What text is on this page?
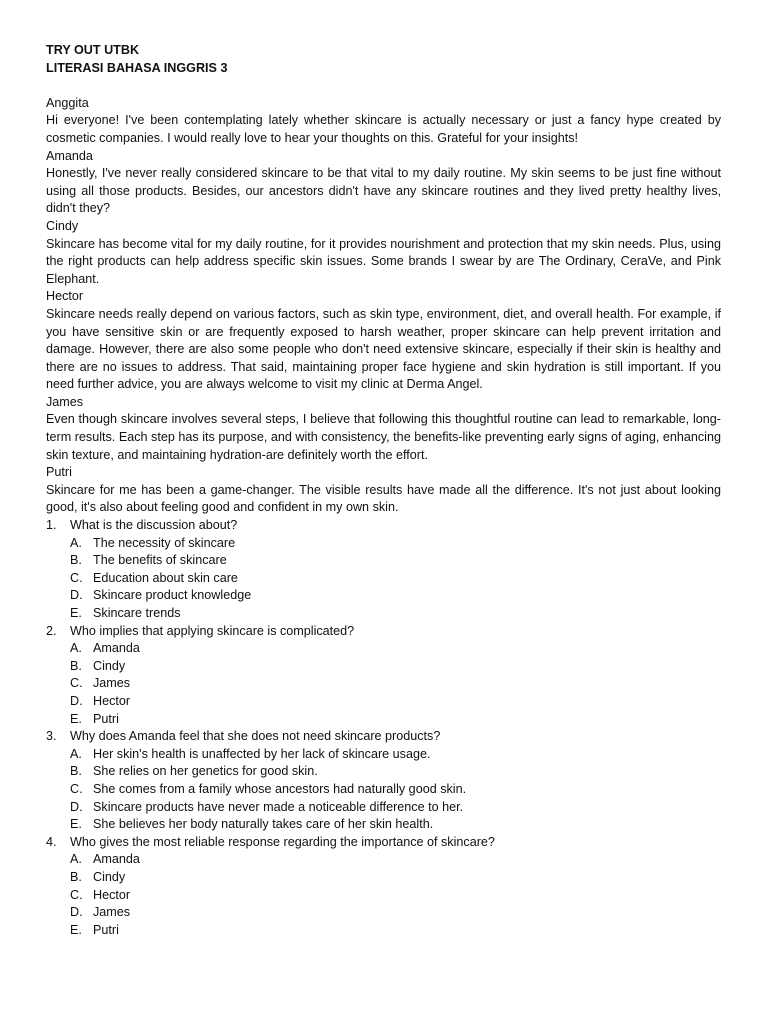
TRY OUT UTBK

LITERASI BAHASA INGGRIS 3

Anggita

Hi everyone! I've been contemplating lately whether skincare is actually necessary or just a fancy hype created by cosmetic companies. I would really love to hear your thoughts on this. Grateful for your insights!

Amanda

Honestly, I've never really considered skincare to be that vital to my daily routine. My skin seems to be just fine without using all those products. Besides, our ancestors didn't have any skincare routines and they lived pretty healthy lives, didn't they?

Cindy

Skincare has become vital for my daily routine, for it provides nourishment and protection that my skin needs. Plus, using the right products can help address specific skin issues. Some brands I swear by are The Ordinary, CeraVe, and Pink Elephant.

Hector

Skincare needs really depend on various factors, such as skin type, environment, diet, and overall health. For example, if you have sensitive skin or are frequently exposed to harsh weather, proper skincare can help prevent irritation and damage. However, there are also some people who don't need extensive skincare, especially if their skin is healthy and there are no issues to address. That said, maintaining proper face hygiene and skin hydration is still important. If you need further advice, you are always welcome to visit my clinic at Derma Angel.

James

Even though skincare involves several steps, I believe that following this thoughtful routine can lead to remarkable, long-term results. Each step has its purpose, and with consistency, the benefits-like preventing early signs of aging, enhancing skin texture, and maintaining hydration-are definitely worth the effort.

Putri

Skincare for me has been a game-changer. The visible results have made all the difference. It's not just about looking good, it's also about feeling good and confident in my own skin.

1.	What is the discussion about?
A. The necessity of skincare
B. The benefits of skincare
C. Education about skin care
D. Skincare product knowledge
E. Skincare trends
2.	Who implies that applying skincare is complicated?
A. Amanda
B. Cindy
C. James
D. Hector
E. Putri
3.	Why does Amanda feel that she does not need skincare products?
A. Her skin's health is unaffected by her lack of skincare usage.
B. She relies on her genetics for good skin.
C. She comes from a family whose ancestors had naturally good skin.
D. Skincare products have never made a noticeable difference to her.
E. She believes her body naturally takes care of her skin health.
4.	Who gives the most reliable response regarding the importance of skincare?
A. Amanda
B. Cindy
C. Hector
D. James
E. Putri
